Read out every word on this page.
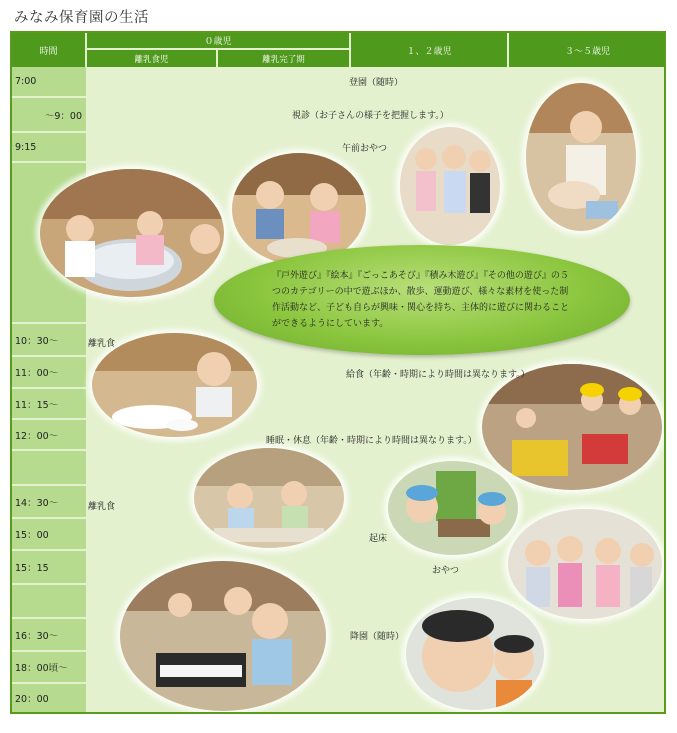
みなみ保育園の生活
時間
０歳児
離乳食児	離乳完了期
１、２歳児	３～５歳児
7:00
～9：00
9:15
10：30～
11：00～
11：15～
12：00～
14：30～
15：00
15：15
16：30～
18：00頃～
20：00
『戸外遊び』『絵本』『ごっこあそび』『積み木遊び』『その他の遊び』の５つのカテゴリーの中で遊ぶほか、散歩、運動遊び、様々な素材を使った制作活動など、子ども自らが興味・関心を持ち、主体的に遊びに関わることができるようにしています。
登園（随時）
視診（お子さんの様子を把握します。）
午前おやつ
離乳食
給食（年齢・時期により時間は異なります。）
睡眠・休息（年齢・時期により時間は異なります。）
離乳食
起床
おやつ
降園（随時）
